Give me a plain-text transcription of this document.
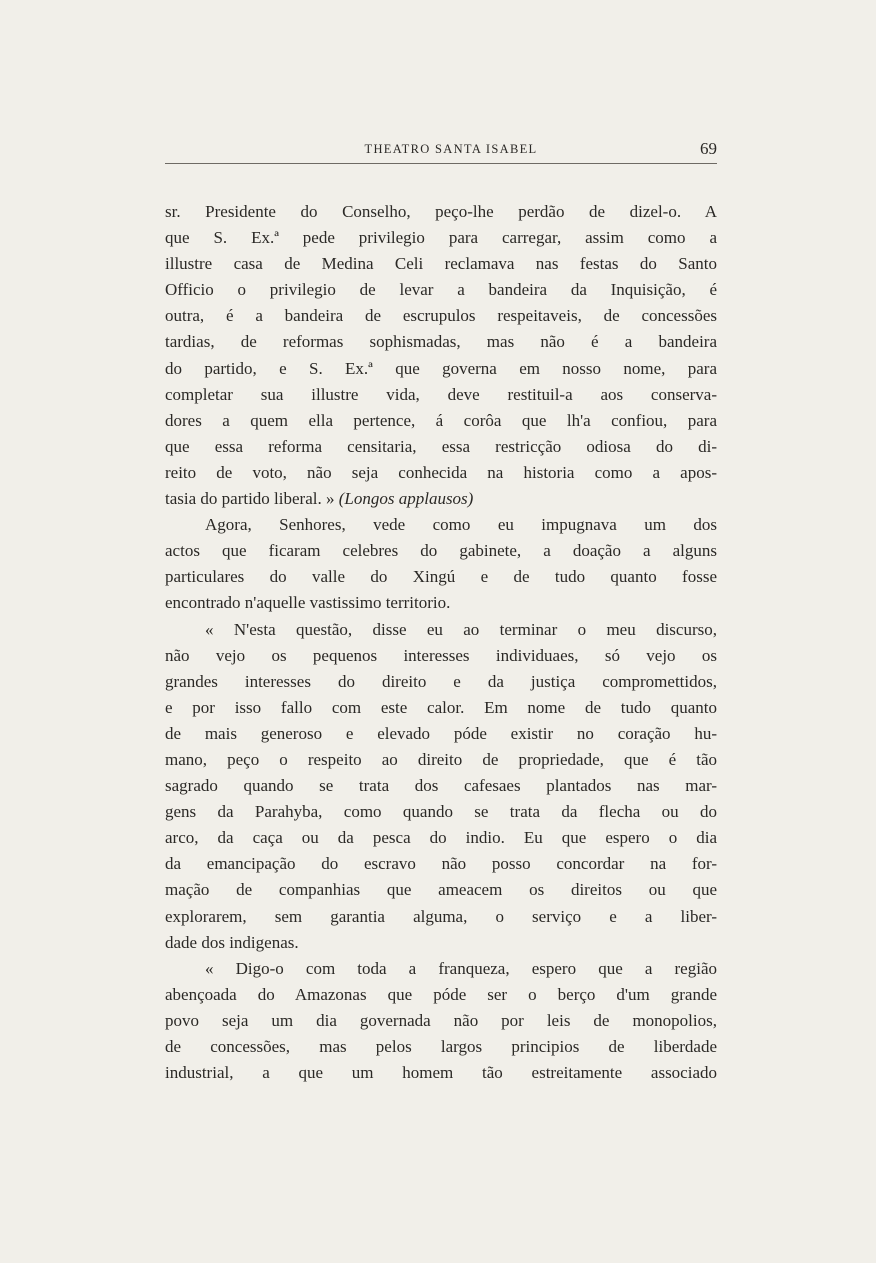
THEATRO SANTA ISABEL	69
sr. Presidente do Conselho, peço-lhe perdão de dizel-o. A
que S. Ex.ª pede privilegio para carregar, assim como a
illustre casa de Medina Celi reclamava nas festas do Santo
Officio o privilegio de levar a bandeira da Inquisição, é
outra, é a bandeira de escrupulos respeitaveis, de concessões
tardias, de reformas sophismadas, mas não é a bandeira
do partido, e S. Ex.ª que governa em nosso nome, para
completar sua illustre vida, deve restituil-a aos conserva-
dores a quem ella pertence, á corôa que lh'a confiou, para
que essa reforma censitaria, essa restricção odiosa do di-
reito de voto, não seja conhecida na historia como a apos-
tasia do partido liberal. » (Longos applausos)
Agora, Senhores, vede como eu impugnava um dos
actos que ficaram celebres do gabinete, a doação a alguns
particulares do valle do Xingú e de tudo quanto fosse
encontrado n'aquelle vastissimo territorio.
« N'esta questão, disse eu ao terminar o meu discurso,
não vejo os pequenos interesses individuaes, só vejo os
grandes interesses do direito e da justiça compromettidos,
e por isso fallo com este calor. Em nome de tudo quanto
de mais generoso e elevado póde existir no coração hu-
mano, peço o respeito ao direito de propriedade, que é tão
sagrado quando se trata dos cafesaes plantados nas mar-
gens da Parahyba, como quando se trata da flecha ou do
arco, da caça ou da pesca do indio. Eu que espero o dia
da emancipação do escravo não posso concordar na for-
mação de companhias que ameacem os direitos ou que
explorarem, sem garantia alguma, o serviço e a liber-
dade dos indigenas.
« Digo-o com toda a franqueza, espero que a região
abençoada do Amazonas que póde ser o berço d'um grande
povo seja um dia governada não por leis de monopolios,
de concessões, mas pelos largos principios de liberdade
industrial, a que um homem tão estreitamente associado
